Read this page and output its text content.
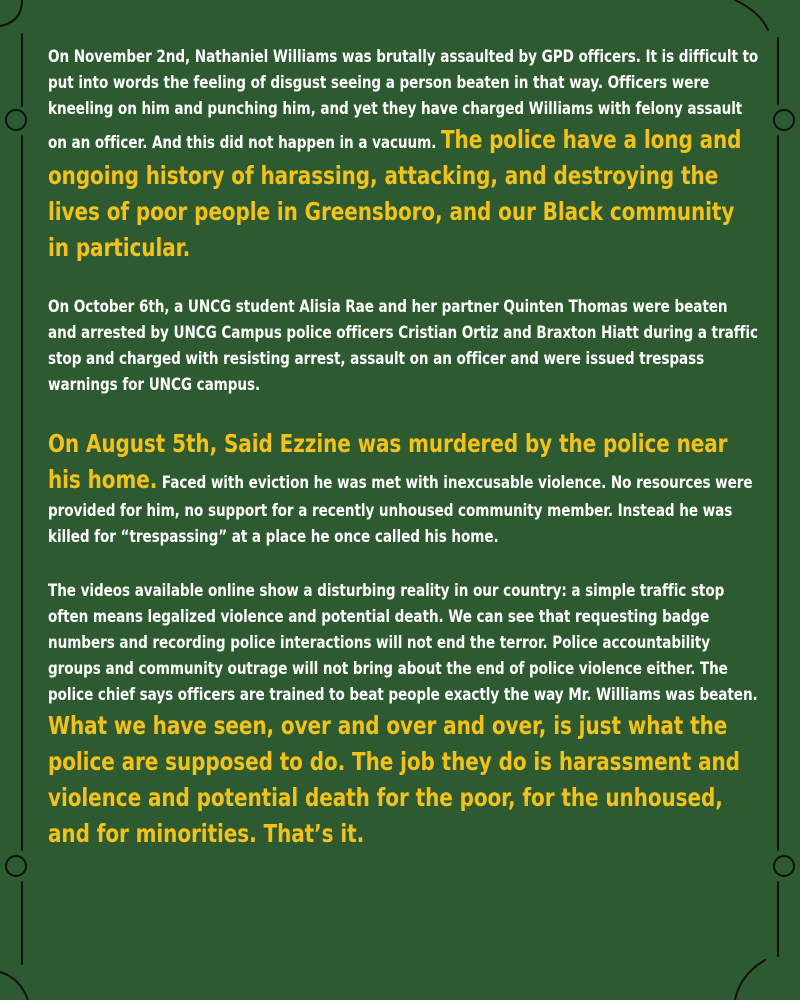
On November 2nd, Nathaniel Williams was brutally assaulted by GPD officers. It is difficult to put into words the feeling of disgust seeing a person beaten in that way. Officers were kneeling on him and punching him, and yet they have charged Williams with felony assault on an officer. And this did not happen in a vacuum. The police have a long and ongoing history of harassing, attacking, and destroying the lives of poor people in Greensboro, and our Black community in particular.

On October 6th, a UNCG student Alisia Rae and her partner Quinten Thomas were beaten and arrested by UNCG Campus police officers Cristian Ortiz and Braxton Hiatt during a traffic stop and charged with resisting arrest, assault on an officer and were issued trespass warnings for UNCG campus.

On August 5th, Said Ezzine was murdered by the police near his home. Faced with eviction he was met with inexcusable violence. No resources were provided for him, no support for a recently unhoused community member. Instead he was killed for “trespassing” at a place he once called his home.

The videos available online show a disturbing reality in our country: a simple traffic stop often means legalized violence and potential death. We can see that requesting badge numbers and recording police interactions will not end the terror. Police accountability groups and community outrage will not bring about the end of police violence either. The police chief says officers are trained to beat people exactly the way Mr. Williams was beaten. What we have seen, over and over and over, is just what the police are supposed to do. The job they do is harassment and violence and potential death for the poor, for the unhoused, and for minorities. That’s it.
